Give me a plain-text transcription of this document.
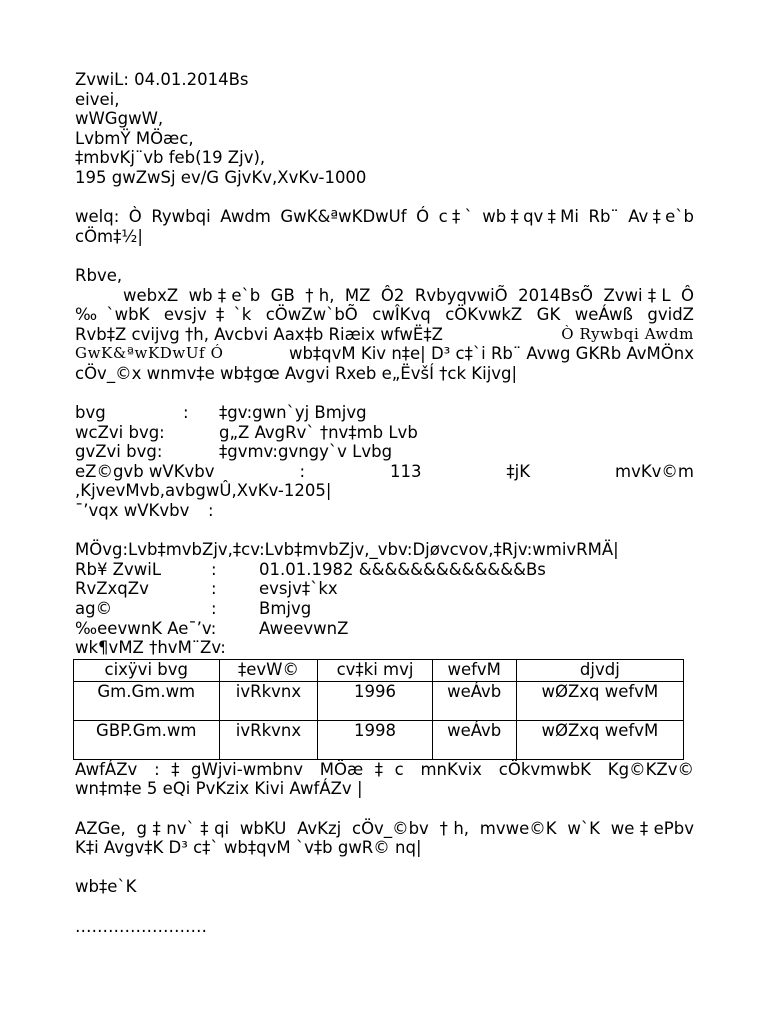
ZvwiL: 04.01.2014Bs
eivei,
wWGgwW,
LvbmŸ MÖæc,
‡mbvKj¨vb feb(19 Zjv),
195 gwZwSj ev/G GjvKv,XvKv-1000
welq: Ò Rywbqi Awdm GwK&ªwKDwUf Ó c‡` wb‡qv‡Mi Rb¨ Av‡e`b
cÖm‡½|
Rbve,
webxZ wb‡e`b GB †h, MZ Ô2 RvbyqvwiÕ 2014BsÕ Zvwi‡L Ô
‰`wbK evsjv‡`k cÖwZw`bÕ cwÎKvq cÖKvwkZ GK weÁwß gvidZ
Rvb‡Z cvijvg †h, Avcbvi Aax‡b Riæix wfwË‡Z	Ò Rywbqi Awdm
GwK&ªwKDwUf Ó	wb‡qvM Kiv n‡e| D³ c‡`i Rb¨ Avwg GKRb AvMÖnx
cÖv_©x wnmv‡e wb‡gœ Avgvi Rxeb e„ËvšÍ †ck Kijvg|
bvg	:	‡gv:gwn`yj Bmjvg
wcZvi bvg:	g„Z AvgRv` †nv‡mb Lvb
gvZvi bvg:	‡gvmv:gvngy`v Lvbg
eZ©gvb wVKvbv	:	113	‡jK	mvKv©m
,KjvevMvb,avbgwÛ,XvKv-1205|
¯’vqx wVKvbv	:
MÖvg:Lvb‡mvbZjv,‡cv:Lvb‡mvbZjv,_vbv:Djøvcvov,‡Rjv:wmivRMÄ|
Rb¥ ZvwiL	:	01.01.1982 &&&&&&&&&&&&&Bs
RvZxqZv	:	evsjv‡`kx
ag©	:	Bmjvg
‰eevwnK Ae¯’v:	AweevwnZ
wk¶vMZ †hvM¨Zv:
cixÿvi bvg	‡evW©	cv‡ki mvj	wefvM	djvdj
Gm.Gm.wm	ivRkvnx	1996	weÁvb	wØZxq wefvM
GBP.Gm.wm	ivRkvnx	1998	weÁvb	wØZxq wefvM
AwfÁZv :‡gWjvi-wmbnv MÖæ‡c mnKvix cÖkvmwbK Kg©KZv©
wn‡m‡e 5 eQi PvKzix Kivi AwfÁZv |
AZGe, g‡nv`‡qi wbKU AvKzj cÖv_©bv †h, mvwe©K w`K we‡ePbv
K‡i Avgv‡K D³ c‡` wb‡qvM `v‡b gwR© nq|
wb‡e`K
……………………
